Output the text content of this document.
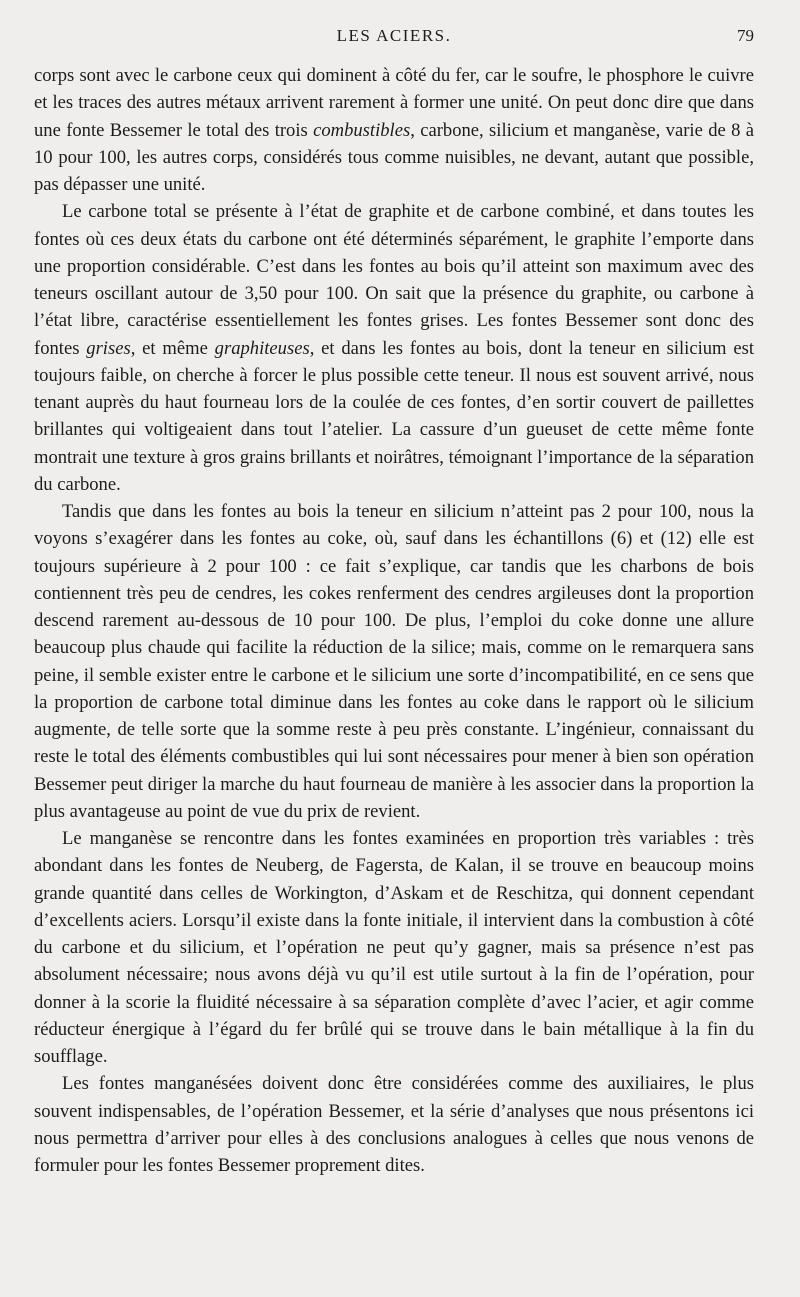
LES ACIERS.	79

corps sont avec le carbone ceux qui dominent à côté du fer, car le soufre, le phosphore le cuivre et les traces des autres métaux arrivent rarement à former une unité. On peut donc dire que dans une fonte Bessemer le total des trois combustibles, carbone, silicium et manganèse, varie de 8 à 10 pour 100, les autres corps, considérés tous comme nuisibles, ne devant, autant que possible, pas dépasser une unité.

Le carbone total se présente à l’état de graphite et de carbone combiné, et dans toutes les fontes où ces deux états du carbone ont été déterminés séparément, le graphite l’emporte dans une proportion considérable. C’est dans les fontes au bois qu’il atteint son maximum avec des teneurs oscillant autour de 3,50 pour 100. On sait que la présence du graphite, ou carbone à l’état libre, caractérise essentiellement les fontes grises. Les fontes Bessemer sont donc des fontes grises, et même graphiteuses, et dans les fontes au bois, dont la teneur en silicium est toujours faible, on cherche à forcer le plus possible cette teneur. Il nous est souvent arrivé, nous tenant auprès du haut fourneau lors de la coulée de ces fontes, d’en sortir couvert de paillettes brillantes qui voltigeaient dans tout l’atelier. La cassure d’un gueuset de cette même fonte montrait une texture à gros grains brillants et noirâtres, témoignant l’importance de la séparation du carbone.

Tandis que dans les fontes au bois la teneur en silicium n’atteint pas 2 pour 100, nous la voyons s’exagérer dans les fontes au coke, où, sauf dans les échantillons (6) et (12) elle est toujours supérieure à 2 pour 100 : ce fait s’explique, car tandis que les charbons de bois contiennent très peu de cendres, les cokes renferment des cendres argileuses dont la proportion descend rarement au-dessous de 10 pour 100. De plus, l’emploi du coke donne une allure beaucoup plus chaude qui facilite la réduction de la silice; mais, comme on le remarquera sans peine, il semble exister entre le carbone et le silicium une sorte d’incompatibilité, en ce sens que la proportion de carbone total diminue dans les fontes au coke dans le rapport où le silicium augmente, de telle sorte que la somme reste à peu près constante. L’ingénieur, connaissant du reste le total des éléments combustibles qui lui sont nécessaires pour mener à bien son opération Bessemer peut diriger la marche du haut fourneau de manière à les associer dans la proportion la plus avantageuse au point de vue du prix de revient.

Le manganèse se rencontre dans les fontes examinées en proportion très variables : très abondant dans les fontes de Neuberg, de Fagersta, de Kalan, il se trouve en beaucoup moins grande quantité dans celles de Workington, d’Askam et de Reschitza, qui donnent cependant d’excellents aciers. Lorsqu’il existe dans la fonte initiale, il intervient dans la combustion à côté du carbone et du silicium, et l’opération ne peut qu’y gagner, mais sa présence n’est pas absolument nécessaire; nous avons déjà vu qu’il est utile surtout à la fin de l’opération, pour donner à la scorie la fluidité nécessaire à sa séparation complète d’avec l’acier, et agir comme réducteur énergique à l’égard du fer brûlé qui se trouve dans le bain métallique à la fin du soufflage.

Les fontes manganésées doivent donc être considérées comme des auxiliaires, le plus souvent indispensables, de l’opération Bessemer, et la série d’analyses que nous présentons ici nous permettra d’arriver pour elles à des conclusions analogues à celles que nous venons de formuler pour les fontes Bessemer proprement dites.
